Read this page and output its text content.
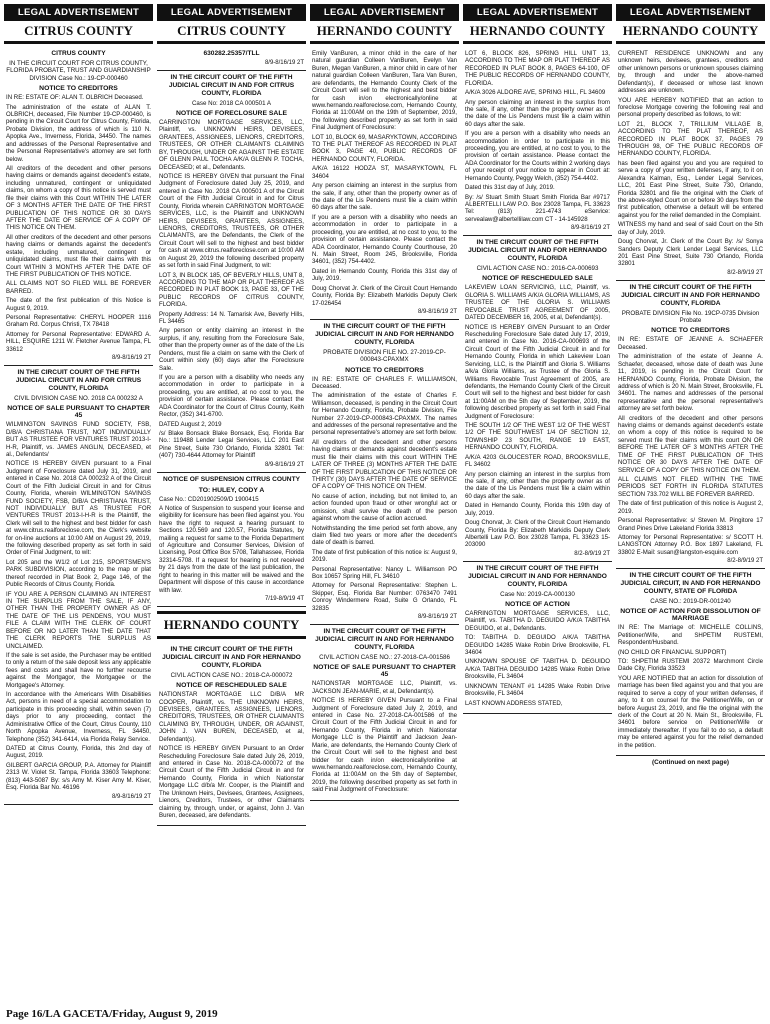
LEGAL ADVERTISEMENT
CITRUS COUNTY
CITRUS COUNTY
IN THE CIRCUIT COURT FOR CITRUS COUNTY, FLORIDA PROBATE, TRUST AND GUARDIANSHIP DIVISION Case No.: 19-CP-000460
NOTICE TO CREDITORS

IN RE: ESTATE OF: ALAN T. OLBRICH Deceased.

The administration of the estate of ALAN T. OLBRICH, deceased, File Number 19-CP-000460, is pending in the Circuit Court for Citrus County, Florida, Probate Division, the address of which is 110 N. Apopka Ave., Inverness, Florida, 34450. The names and addresses of the Personal Representative and the Personal Representative's attorney are set forth below.

All creditors of the decedent and other persons having claims or demands against decedent's estate, including unmatured, contingent or unliquidated claims, on whom a copy of this notice is served must file their claims with this Court WITHIN THE LATER OF 3 MONTHS AFTER THE DATE OF THE FIRST PUBLICATION OF THIS NOTICE OR 30 DAYS AFTER THE DATE OF SERVICE OF A COPY OF THIS NOTICE ON THEM.

All other creditors of the decedent and other persons having claims or demands against the decedent's estate, including unmatured, contingent or unliquidated claims, must file their claims with this Court WITHIN 3 MONTHS AFTER THE DATE OF THE FIRST PUBLICATION OF THIS NOTICE.

ALL CLAIMS NOT SO FILED WILL BE FOREVER BARRED.

The date of the first publication of this Notice is August 9, 2019.

Personal Representative: CHERYL HOOPER 1116 Graham Rd. Corpus Christi, TX 78418

Attorney for Personal Representative: EDWARD A. HILL, ESQUIRE 1211 W. Fletcher Avenue Tampa, FL 33612

8/9-8/16/19 2T
IN THE CIRCUIT COURT OF THE FIFTH JUDICIAL CIRCUIT IN AND FOR CITRUS COUNTY, FLORIDA
CIVIL DIVISION CASE NO. 2018 CA 000232 A
NOTICE OF SALE PURSUANT TO CHAPTER 45

WILMINGTON SAVINGS FUND SOCIETY, FSB, D/B/A CHRISTIANA TRUST, NOT INDIVIDUALLY BUT AS TRUSTEE FOR VENTURES TRUST 2013-I-H-R, Plaintiff, vs. JAMES ANGLIN, DECEASED, et al., Defendants/

NOTICE IS HEREBY GIVEN pursuant to a Final Judgment of Foreclosure dated July 31, 2019, and entered in Case No. 2018 CA 000232 A of the Circuit Court of the Fifth Judicial Circuit in and for Citrus County, Florida, wherein WILMINGTON SAVINGS FUND SOCIETY, FSB, D/B/A CHRISTIANA TRUST, NOT INDIVIDUALLY BUT AS TRUSTEE FOR VENTURES TRUST 2013-I-H-R is the Plaintiff, the Clerk will sell to the highest and best bidder for cash at www.citrus.realforeclose.com, the Clerk's website for on-line auctions at 10:00 AM on August 29, 2019, the following described property as set forth in said Order of Final Judgment, to wit:

Lot 205 and the W1/2 of Lot 215, SPORTSMEN'S PARK SUBDIVISION, according to the map or plat thereof recorded in Plat Book 2, Page 146, of the Public Records of Citrus County, Florida.

IF YOU ARE A PERSON CLAIMING AN INTEREST IN THE SURPLUS FROM THE SALE, IF ANY, OTHER THAN THE PROPERTY OWNER AS OF THE DATE OF THE LIS PENDENS, YOU MUST FILE A CLAIM WITH THE CLERK OF COURT BEFORE OR NO LATER THAN THE DATE THAT THE CLERK REPORTS THE SURPLUS AS UNCLAIMED.

If the sale is set aside, the Purchaser may be entitled to only a return of the sale deposit less any applicable fees and costs and shall have no further recourse against the Mortgagor, the Mortgagee or the Mortgagee's Attorney.

In accordance with the Americans With Disabilities Act, persons in need of a special accommodation to participate in this proceeding shall, within seven (7) days prior to any proceeding, contact the Administrative Office of the Court, Citrus County, 110 North Apopka Avenue, Inverness, FL 34450, Telephone (352) 341-6414, via Florida Relay Service.

DATED at Citrus County, Florida, this 2nd day of August, 2019.

GILBERT GARCIA GROUP, P.A. Attorney for Plaintiff 2313 W. Violet St. Tampa, Florida 33603 Telephone: (813) 443-5087 By: s/s Amy M. Kiser Amy M. Kiser, Esq. Florida Bar No. 46196

8/9-8/16/19 2T
LEGAL ADVERTISEMENT
CITRUS COUNTY
630282.25357/TLL
8/9-8/16/19 2T
IN THE CIRCUIT COURT OF THE FIFTH JUDICIAL CIRCUIT IN AND FOR CITRUS COUNTY, FLORIDA
Case No: 2018 CA 000501 A
NOTICE OF FORECLOSURE SALE

CARRINGTON MORTGAGE SERVICES, LLC, Plaintiff, vs. UNKNOWN HEIRS, DEVISEES, GRANTEES, ASSIGNEES, LIENORS, CREDITORS, TRUSTEES, OR OTHER CLAIMANTS CLAIMING BY, THROUGH, UNDER OR AGAINST THE ESTATE OF GLENN PAUL TOCHA A/K/A GLENN P. TOCHA, DECEASED; et al., Defendants.

NOTICE IS HEREBY GIVEN that pursuant the Final Judgment of Foreclosure dated July 25, 2019, and entered in Case No. 2018 CA 000501 A of the Circuit Court of the Fifth Judicial Circuit in and for Citrus County, Florida wherein CARRINGTON MORTGAGE SERVICES, LLC, is the Plaintiff and UNKNOWN HEIRS, DEVISEES, GRANTEES, ASSIGNEES, LIENORS, CREDITORS, TRUSTEES, OR OTHER CLAIMANTS, are the Defendants, the Clerk of the Circuit Court will sell to the highest and best bidder for cash at www.citrus.realforeclose.com at 10:00 AM on August 29, 2019 the following described property as set forth in said Final Judgment, to wit:

LOT 3, IN BLOCK 185, OF BEVERLY HILLS, UNIT 8, ACCORDING TO THE MAP OR PLAT THEREOF AS RECORDED IN PLAT BOOK 13, PAGE 33, OF THE PUBLIC RECORDS OF CITRUS COUNTY, FLORIDA.

Property Address: 14 N. Tamarisk Ave, Beverly Hills, FL 34465

Any person or entity claiming an interest in the surplus, if any, resulting from the Foreclosure Sale, other than the property owner as of the date of the Lis Pendens, must file a claim on same with the Clerk of Court within sixty (60) days after the Foreclosure Sale.

If you are a person with a disability who needs any accommodation in order to participate in a proceeding, you are entitled, at no cost to you, the provision of certain assistance. Please contact the ADA Coordinator for the Court of Citrus County, Keith Rector, (352) 341-6700.

DATED August 2, 2019

/s/ Blake Bonsack Blake Bonsack, Esq. Florida Bar No.: 119488 Lender Legal Services, LLC 201 East Pine Street, Suite 730 Orlando, Florida 32801 Tel: (407) 730-4644 Attorney for Plaintiff

8/9-8/16/19 2T
NOTICE OF SUSPENSION CITRUS COUNTY
TO: HULEY, CODY A

Case No.: CD201902509/D 1900415

A Notice of Suspension to suspend your license and eligibility for licensure has been filed against you. You have the right to request a hearing pursuant to Sections 120.569 and 120.57, Florida Statutes, by mailing a request for same to the Florida Department of Agriculture and Consumer Services, Division of Licensing, Post Office Box 5708, Tallahassee, Florida 32314-5708. If a request for hearing is not received by 21 days from the date of the last publication, the right to hearing in this matter will be waived and the Department will dispose of this cause in accordance with law.

7/19-8/9/19 4T
HERNANDO COUNTY
IN THE CIRCUIT COURT OF THE FIFTH JUDICIAL CIRCUIT IN AND FOR HERNANDO COUNTY, FLORIDA
CIVIL ACTION CASE NO.: 2018-CA-000072
NOTICE OF RESCHEDULED SALE

NATIONSTAR MORTGAGE LLC D/B/A MR COOPER, Plaintiff, vs. THE UNKNOWN HEIRS, DEVISEES, GRANTEES, ASSIGNEES, LIENORS, CREDITORS, TRUSTEES, OR OTHER CLAIMANTS CLAIMING BY, THROUGH, UNDER, OR AGAINST, JOHN J. VAN BUREN, DECEASED, et al, Defendant(s).

NOTICE IS HEREBY GIVEN Pursuant to an Order Rescheduling Foreclosure Sale dated July 26, 2019, and entered in Case No. 2018-CA-000072 of the Circuit Court of the Fifth Judicial Circuit in and for Hernando County, Florida in which Nationstar Mortgage LLC d/b/a Mr. Cooper, is the Plaintiff and The Unknown Heirs, Devisees, Grantees, Assignees, Lienors, Creditors, Trustees, or other Claimants claiming by, through, under, or against, John J. Van Buren, deceased, are defendants.

LEGAL ADVERTISEMENT
HERNANDO COUNTY

Emily VanBuren, a minor child in the care of her natural guardian Colleen VanBuren, Evelyn Van Buren, Megan VanBuren, a minor child in care of her natural guardian Colleen VanBuren, Tara Van Buren, are defendants, the Hernando County Clerk of the Circuit Court will sell to the highest and best bidder for cash in/on electronically/online at www.hernando.realforeclose.com, Hernando County, Florida at 11:00AM on the 19th of September, 2019, the following described property as set forth in said Final Judgment of Foreclosure:

LOT 10, BLOCK 69, MASARYKTOWN, ACCORDING TO THE PLAT THEREOF AS RECORDED IN PLAT BOOK 3, PAGE 40, PUBLIC RECORDS OF HERNANDO COUNTY, FLORIDA.

A/K/A 16122 HODZA ST, MASARYKTOWN, FL 34604

Any person claiming an interest in the surplus from the sale, if any, other than the property owner as of the date of the Lis Pendens must file a claim within 60 days after the sale.

If you are a person with a disability who needs an accommodation in order to participate in a proceeding, you are entitled, at no cost to you, to the provision of certain assistance. Please contact the ADA Coordinator, Hernando County Courthouse, 20 N. Main Street, Room 245, Brooksville, Florida 34601, (352) 754-4402.

Dated in Hernando County, Florida this 31st day of July, 2019.

Doug Chorvat Jr. Clerk of the Circuit Court Hernando County, Florida By: Elizabeth Markidis Deputy Clerk 17-026454

8/9-8/16/19 2T
IN THE CIRCUIT COURT OF THE FIFTH JUDICIAL CIRCUIT IN AND FOR HERNANDO COUNTY, FLORIDA
PROBATE DIVISION FILE NO. 27-2019-CP-000843-CPAXMX
NOTICE TO CREDITORS

IN RE: ESTATE OF CHARLES F. WILLIAMSON, Deceased.

The administration of the estate of Charles F. Williamson, deceased, is pending in the Circuit Court for Hernando County, Florida, Probate Division, File Number 27-2019-CP-000843-CPAXMX. The names and addresses of the personal representative and the personal representative's attorney are set forth below.

All creditors of the decedent and other persons having claims or demands against decedent's estate must file their claims with this court WITHIN THE LATER OF THREE (3) MONTHS AFTER THE DATE OF THE FIRST PUBLICATION OF THIS NOTICE OR THIRTY (30) DAYS AFTER THE DATE OF SERVICE OF A COPY OF THIS NOTICE ON THEM.

No cause of action, including, but not limited to, an action founded upon fraud or other wrongful act or omission, shall survive the death of the person against whom the cause of action accrued.

Notwithstanding the time period set forth above, any claim filed two years or more after the decedent's date of death is barred.

The date of first publication of this notice is: August 9, 2019.

Personal Representative: Nancy L. Williamson PO Box 10657 Spring Hill, FL 34610

Attorney for Personal Representative: Stephen L. Skipper, Esq. Florida Bar Number: 0763470 7491 Conroy Windermere Road, Suite G Orlando, FL 32835

8/9-8/16/19 2T
IN THE CIRCUIT COURT OF THE FIFTH JUDICIAL CIRCUIT IN AND FOR HERNANDO COUNTY, FLORIDA
CIVIL ACTION CASE NO.: 27-2018-CA-001586
NOTICE OF SALE PURSUANT TO CHAPTER 45

NATIONSTAR MORTGAGE LLC, Plaintiff, vs. JACKSON JEAN-MARIE, et al, Defendant(s).

NOTICE IS HEREBY GIVEN Pursuant to a Final Judgment of Foreclosure dated July 2, 2019, and entered in Case No. 27-2018-CA-001586 of the Circuit Court of the Fifth Judicial Circuit in and for Hernando County, Florida in which Nationstar Mortgage LLC is the Plaintiff and Jackson Jean-Marie, are defendants, the Hernando County Clerk of the Circuit Court will sell to the highest and best bidder for cash in/on electronically/online at www.hernando.realforeclose.com, Hernando County, Florida at 11:00AM on the 5th day of September, 2019, the following described property as set forth in said Final Judgment of Foreclosure:

LEGAL ADVERTISEMENT
HERNANDO COUNTY

LOT 6, BLOCK 826, SPRING HILL UNIT 13, ACCORDING TO THE MAP OR PLAT THEREOF AS RECORDED IN PLAT BOOK 8, PAGES 64-100, OF THE PUBLIC RECORDS OF HERNANDO COUNTY, FLORIDA.

A/K/A 3026 ALDORE AVE, SPRING HILL, FL 34609

Any person claiming an interest in the surplus from the sale, if any, other than the property owner as of the date of the Lis Pendens must file a claim within 60 days after the sale.

If you are a person with a disability who needs an accommodation in order to participate in this proceeding, you are entitled, at no cost to you, to the provision of certain assistance. Please contact the ADA Coordinator for the Courts within 2 working days of your receipt of your notice to appear in Court at: Hernando County, Peggy Welch, (352) 754-4402.

Dated this 31st day of July, 2019.

By: /s/ Stuart Smith Stuart Smith Florida Bar #9717 ALBERTELLI LAW P.O. Box 23028 Tampa, FL 33623 Tel: (813) 221-4743 eService: servealaw@albertellilaw.com CT - 14-145928

8/9-8/16/19 2T
IN THE CIRCUIT COURT OF THE FIFTH JUDICIAL CIRCUIT IN AND FOR HERNANDO COUNTY, FLORIDA
CIVIL ACTION CASE NO.: 2016-CA-000693
NOTICE OF RESCHEDULED SALE

LAKEVIEW LOAN SERVICING, LLC, Plaintiff, vs. GLORIA S. WILLIAMS A/K/A GLORIA WILLIAMS, AS TRUSTEE OF THE GLORIA S. WILLIAMS REVOCABLE TRUST AGREEMENT OF 2005, DATED DECEMBER 16, 2005, et al, Defendant(s).

NOTICE IS HEREBY GIVEN Pursuant to an Order Rescheduling Foreclosure Sale dated July 17, 2019, and entered in Case No. 2016-CA-000693 of the Circuit Court of the Fifth Judicial Circuit in and for Hernando County, Florida in which Lakeview Loan Servicing, LLC, is the Plaintiff and Gloria S. Williams a/k/a Gloria Williams, as Trustee of the Gloria S. Williams Revocable Trust Agreement of 2005, are defendants, the Hernando County Clerk of the Circuit Court will sell to the highest and best bidder for cash at 11:00AM on the 5th day of September, 2019, the following described property as set forth in said Final Judgment of Foreclosure:

THE SOUTH 1/2 OF THE WEST 1/2 OF THE WEST 1/2 OF THE SOUTHWEST 1/4 OF SECTION 12, TOWNSHIP 23 SOUTH, RANGE 19 EAST, HERNANDO COUNTY, FLORIDA.

A/K/A 4203 GLOUCESTER ROAD, BROOKSVILLE, FL 34602

Any person claiming an interest in the surplus from the sale, if any, other than the property owner as of the date of the Lis Pendens must file a claim within 60 days after the sale.

Dated in Hernando County, Florida this 19th day of July, 2019.

Doug Chorvat, Jr. Clerk of the Circuit Court Hernando County, Florida By: Elizabeth Markidis Deputy Clerk Albertelli Law P.O. Box 23028 Tampa, FL 33623 15-203090

8/2-8/9/19 2T
IN THE CIRCUIT COURT OF THE FIFTH JUDICIAL CIRCUIT IN AND FOR HERNANDO COUNTY, FLORIDA
Case No: 2019-CA-000130
NOTICE OF ACTION

CARRINGTON MORTGAGE SERVICES, LLC, Plaintiff, vs. TABITHA D. DEGUIDO A/K/A TABITHA DEGUIDO, et al., Defendants.

TO: TABITHA D. DEGUIDO A/K/A TABITHA DEGUIDO 14285 Wake Robin Drive Brooksville, FL 34604

UNKNOWN SPOUSE OF TABITHA D. DEGUIDO A/K/A TABITHA DEGUIDO 14285 Wake Robin Drive Brooksville, FL 34604

UNKNOWN TENANT #1 14285 Wake Robin Drive Brooksville, FL 34604

LAST KNOWN ADDRESS STATED,

LEGAL ADVERTISEMENT
HERNANDO COUNTY

CURRENT RESIDENCE UNKNOWN and any unknown heirs, devisees, grantees, creditors and other unknown persons or unknown spouses claiming by, through and under the above-named Defendant(s), if deceased or whose last known addresses are unknown.

YOU ARE HEREBY NOTIFIED that an action to foreclose Mortgage covering the following real and personal property described as follows, to wit:

LOT 21, BLOCK 7, TRILLIUM VILLAGE B, ACCORDING TO THE PLAT THEREOF, AS RECORDED IN PLAT BOOK 37, PAGES 79 THROUGH 98, OF THE PUBLIC RECORDS OF HERNANDO COUNTY, FLORIDA.

has been filed against you and you are required to serve a copy of your written defenses, if any, to it on Alexandra Kalman, Esq., Lender Legal Services, LLC, 201 East Pine Street, Suite 730, Orlando, Florida 32801 and file the original with the Clerk of the above-styled Court on or before 30 days from the first publication, otherwise a default will be entered against you for the relief demanded in the Complaint.

WITNESS my hand and seal of said Court on the 5th day of July, 2019.

Doug Chorvat, Jr. Clerk of the Court By: /s/ Sonya Sanders Deputy Clerk Lender Legal Services, LLC 201 East Pine Street, Suite 730 Orlando, Florida 32801

8/2-8/9/19 2T
IN THE CIRCUIT COURT OF THE FIFTH JUDICIAL CIRCUIT IN AND FOR HERNANDO COUNTY, FLORIDA
PROBATE DIVISION File No. 19CP-0735 Division Probate
NOTICE TO CREDITORS

IN RE: ESTATE OF JEANNE A. SCHAEFER Deceased.

The administration of the estate of Jeanne A. Schaefer, deceased, whose date of death was June 11, 2019, is pending in the Circuit Court for HERNANDO County, Florida, Probate Division, the address of which is 20 N. Main Street, Brooksville, FL 34601. The names and addresses of the personal representative and the personal representative's attorney are set forth below.

All creditors of the decedent and other persons having claims or demands against decedent's estate on whom a copy of this notice is required to be served must file their claims with this court ON OR BEFORE THE LATER OF 3 MONTHS AFTER THE TIME OF THE FIRST PUBLICATION OF THIS NOTICE OR 30 DAYS AFTER THE DATE OF SERVICE OF A COPY OF THIS NOTICE ON THEM.

ALL CLAIMS NOT FILED WITHIN THE TIME PERIODS SET FORTH IN FLORIDA STATUTES SECTION 733.702 WILL BE FOREVER BARRED.

The date of first publication of this notice is August 2, 2019.

Personal Representative: s/ Steven M. Pingitore 17 Grand Pines Drive Lakeland Florida 33813

Attorney for Personal Representative: s/ SCOTT H. LANGSTON Attorney P.O. Box 1897 Lakeland, FL 33802 E-Mail: susan@langston-esquire.com

8/2-8/9/19 2T
IN THE CIRCUIT COURT OF THE FIFTH JUDICIAL CIRCUIT, IN AND FOR HERNANDO COUNTY, STATE OF FLORIDA
CASE NO.: 2019-DR-001240
NOTICE OF ACTION FOR DISSOLUTION OF MARRIAGE

IN RE: The Marriage of: MICHELLE COLLINS, Petitioner/Wife, and SHPETIM RUSTEMI, Respondent/Husband.

(NO CHILD OR FINANCIAL SUPPORT)

TO: SHPETIM RUSTEMI 20372 Marchmont Circle Dade City, Florida 33523

YOU ARE NOTIFIED that an action for dissolution of marriage has been filed against you and that you are required to serve a copy of your written defenses, if any, to it on counsel for the Petitioner/Wife, on or before August 23, 2019, and file the original with the clerk of the Court at 20 N. Main St., Brooksville, FL 34601 before service on Petitioner/Wife or immediately thereafter. If you fail to do so, a default may be entered against you for the relief demanded in the petition.

(Continued on next page)
Page 16/LA GACETA/Friday, August 9, 2019
